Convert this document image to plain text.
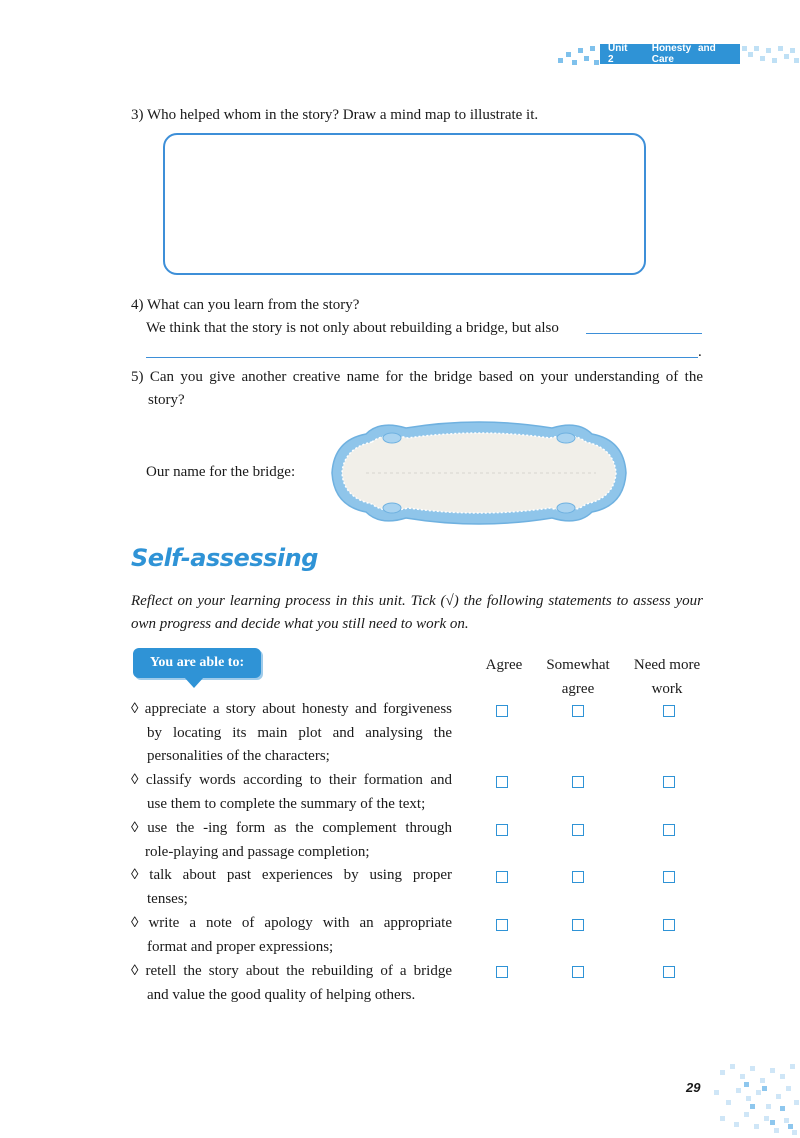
Unit 2

Honesty and Care
3) Who helped whom in the story? Draw a mind map to illustrate it.
4) What can you learn from the story?
We think that the story is not only about rebuilding a bridge, but also
.
5) Can you give another creative name for the bridge based on your understanding of the
story?
Our name for the bridge:
Self-assessing
Reflect on your learning process in this unit. Tick (√) the following statements to assess your own progress and decide what you still need to work on.
You are able to:	Agree	Somewhat
agree
Need more
work
◊ appreciate a story about honesty and forgiveness
by locating its main plot and analysing the
personalities of the characters;
◊ classify words according to their formation and
use them to complete the summary of the text;
◊ use the -ing form as the complement through
role-playing and passage completion;
◊ talk about past experiences by using proper
tenses;
◊ write a note of apology with an appropriate
format and proper expressions;
◊ retell the story about the rebuilding of a bridge
and value the good quality of helping others.
29
